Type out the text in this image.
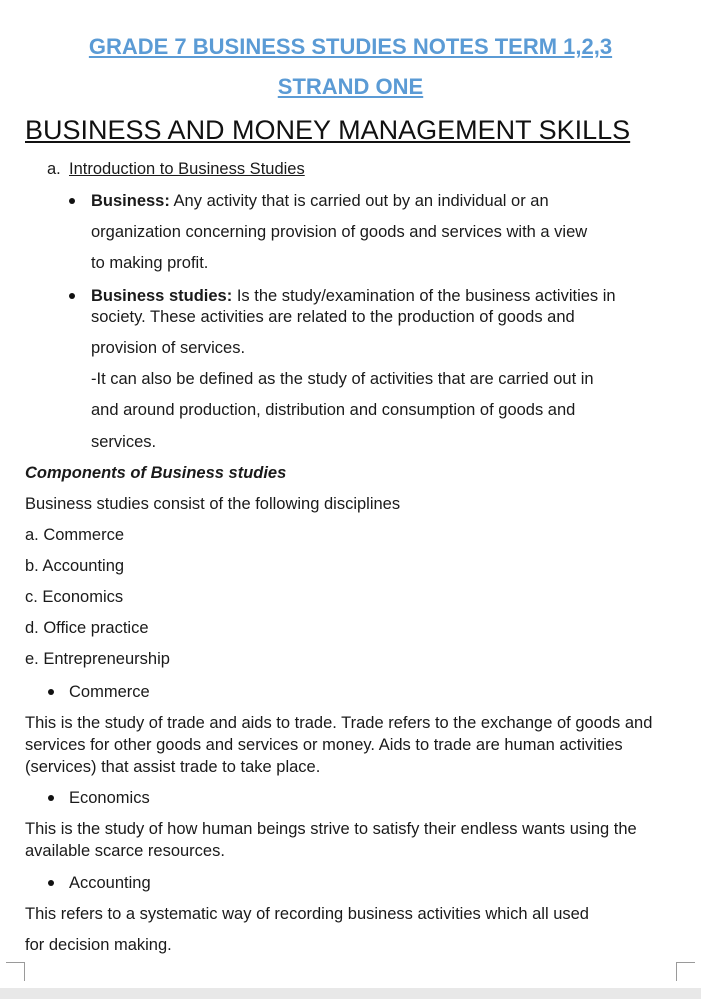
GRADE 7 BUSINESS STUDIES NOTES TERM 1,2,3

STRAND ONE

BUSINESS AND MONEY MANAGEMENT SKILLS

a. Introduction to Business Studies

Business: Any activity that is carried out by an individual or an

organization concerning provision of goods and services with a view

to making profit.

Business studies: Is the study/examination of the business activities in

society. These activities are related to the production of goods and

provision of services.

-It can also be defined as the study of activities that are carried out in

and around production, distribution and consumption of goods and

services.

Components of Business studies

Business studies consist of the following disciplines

a. Commerce

b. Accounting

c. Economics

d. Office practice

e. Entrepreneurship

Commerce

This is the study of trade and aids to trade. Trade refers to the exchange of goods and services for other goods and services or money. Aids to trade are human activities (services) that assist trade to take place.

Economics

This is the study of how human beings strive to satisfy their endless wants using the available scarce resources.

Accounting

This refers to a systematic way of recording business activities which all used

for decision making.
